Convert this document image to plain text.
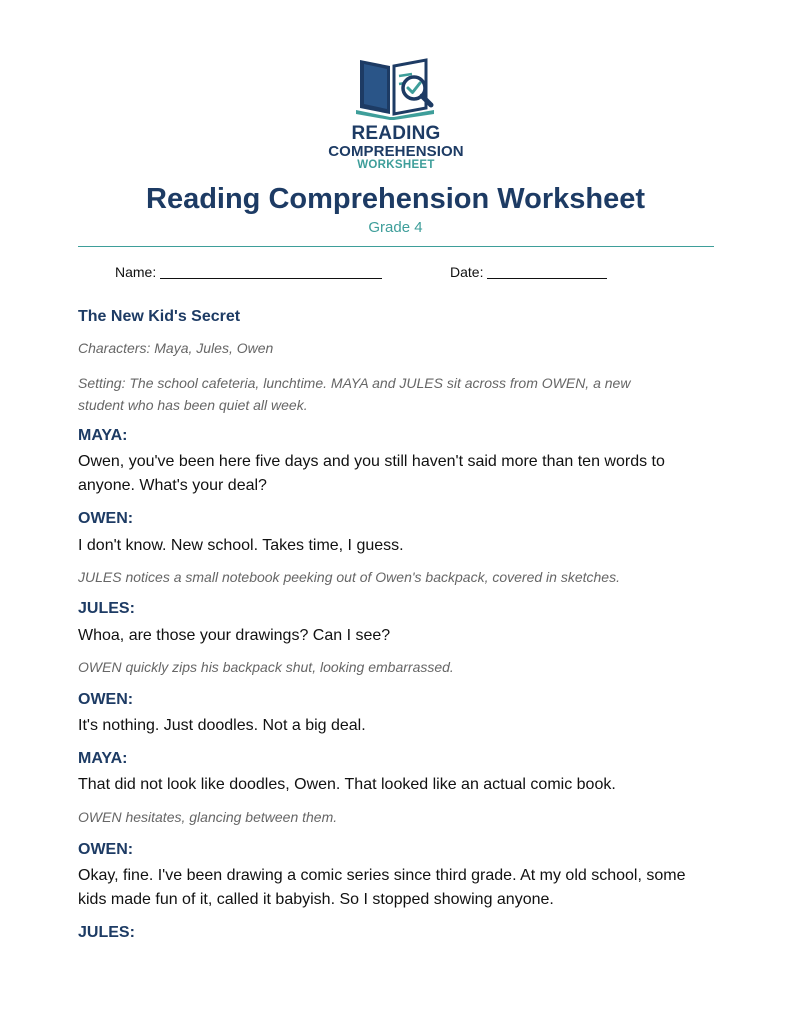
READING
COMPREHENSION
WORKSHEET
Reading Comprehension Worksheet
Grade 4
Name:	Date:
The New Kid's Secret
Characters: Maya, Jules, Owen
Setting: The school cafeteria, lunchtime. MAYA and JULES sit across from OWEN, a new student who has been quiet all week.
MAYA:
Owen, you've been here five days and you still haven't said more than ten words to anyone. What's your deal?
OWEN:
I don't know. New school. Takes time, I guess.
JULES notices a small notebook peeking out of Owen's backpack, covered in sketches.
JULES:
Whoa, are those your drawings? Can I see?
OWEN quickly zips his backpack shut, looking embarrassed.
OWEN:
It's nothing. Just doodles. Not a big deal.
MAYA:
That did not look like doodles, Owen. That looked like an actual comic book.
OWEN hesitates, glancing between them.
OWEN:
Okay, fine. I've been drawing a comic series since third grade. At my old school, some kids made fun of it, called it babyish. So I stopped showing anyone.
JULES:
